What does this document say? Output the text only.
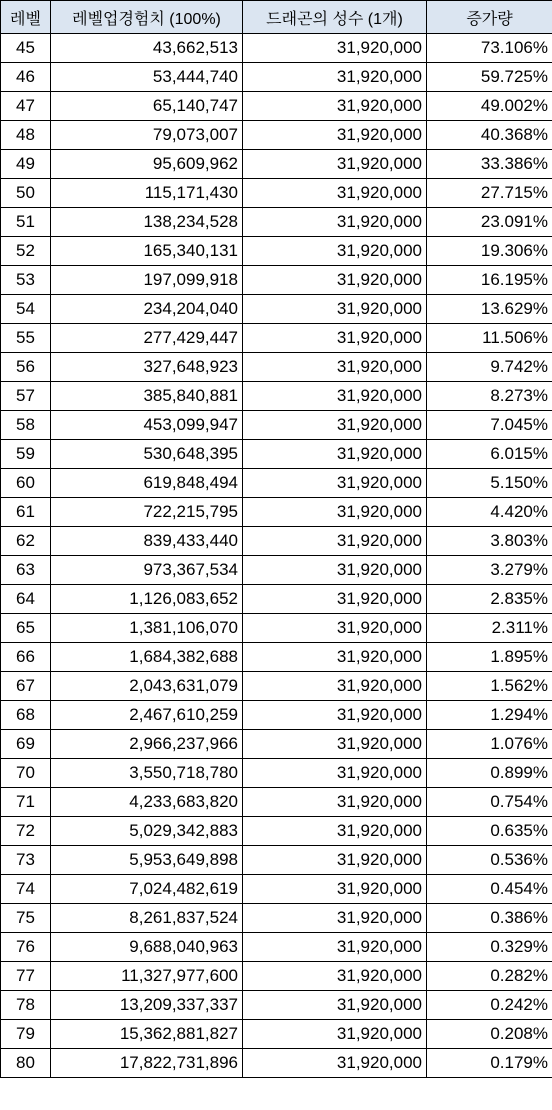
레벨	레벨업경험치 (100%)	드래곤의 성수 (1개)	증가량
45	43,662,513	31,920,000	73.106%
46	53,444,740	31,920,000	59.725%
47	65,140,747	31,920,000	49.002%
48	79,073,007	31,920,000	40.368%
49	95,609,962	31,920,000	33.386%
50	115,171,430	31,920,000	27.715%
51	138,234,528	31,920,000	23.091%
52	165,340,131	31,920,000	19.306%
53	197,099,918	31,920,000	16.195%
54	234,204,040	31,920,000	13.629%
55	277,429,447	31,920,000	11.506%
56	327,648,923	31,920,000	9.742%
57	385,840,881	31,920,000	8.273%
58	453,099,947	31,920,000	7.045%
59	530,648,395	31,920,000	6.015%
60	619,848,494	31,920,000	5.150%
61	722,215,795	31,920,000	4.420%
62	839,433,440	31,920,000	3.803%
63	973,367,534	31,920,000	3.279%
64	1,126,083,652	31,920,000	2.835%
65	1,381,106,070	31,920,000	2.311%
66	1,684,382,688	31,920,000	1.895%
67	2,043,631,079	31,920,000	1.562%
68	2,467,610,259	31,920,000	1.294%
69	2,966,237,966	31,920,000	1.076%
70	3,550,718,780	31,920,000	0.899%
71	4,233,683,820	31,920,000	0.754%
72	5,029,342,883	31,920,000	0.635%
73	5,953,649,898	31,920,000	0.536%
74	7,024,482,619	31,920,000	0.454%
75	8,261,837,524	31,920,000	0.386%
76	9,688,040,963	31,920,000	0.329%
77	11,327,977,600	31,920,000	0.282%
78	13,209,337,337	31,920,000	0.242%
79	15,362,881,827	31,920,000	0.208%
80	17,822,731,896	31,920,000	0.179%
